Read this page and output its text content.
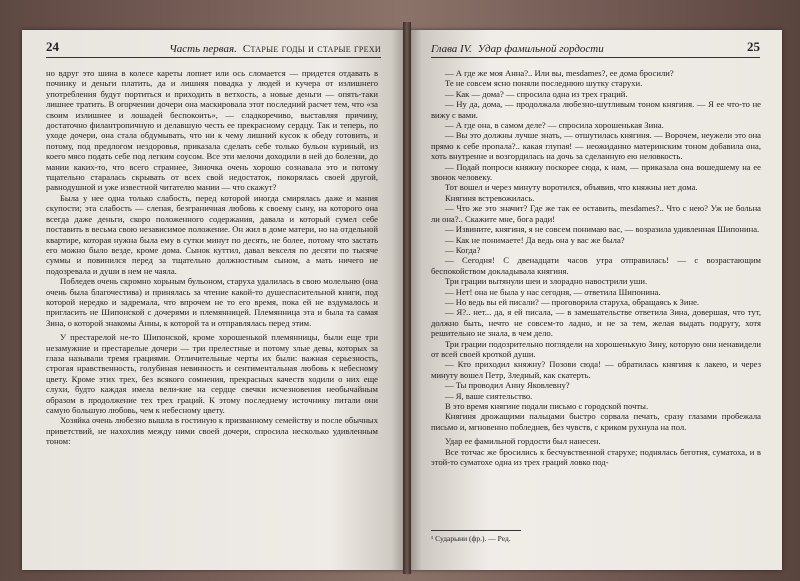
24	Часть первая. Старые годы и старые грехи

но вдруг это шина в колесе кареты лопнет или ось сломается — придется отдавать в починку и деньги платить, да и лишняя повадка у людей и кучера от излишнего употребления будут портиться и приходить в ветхость, а новые деньги — опять-таки лишнее тратить. В огорчении дочери она маскировала этот последний расчет тем, что «за своим излишнее и лошадей беспокоить», — сладкоречиво, выставляя причину, достаточно филантропичную и делавшую честь ее прекрасному сердцу. Так и теперь, по уходе дочери, она стала обдумывать, что ни к чему лишний кусок к обеду готовить, и потому, под предлогом нездоровья, приказала сделать себе только бульон куриный, из коего мясо подать себе под легким соусом. Все эти мелочи доходили в ней до болезни, до мании каких-то, что всего страннее, Зиночка очень хорошо сознавала это и потому тщательно старалась скрывать от всех свой недостаток, покорялась своей другой, равнодушной и уже известной читателю мании — что скажут?

Была у нее одна только слабость, перед которой иногда смирялась даже и мания скупости; эта слабость — слепая, безграничная любовь к своему сыну, на которого она всегда даже деньги, скоро положенного содержания, давала и который сумел себе поставить в весьма свою независимое положение. Он жил в доме матери, но на отдельной квартире, которая нужна была ему в сутки минут по десять, не более, потому что застать его можно было везде, кроме дома. Сынок куттил, давал векселя по десяти по тысяче суммы и повинился перед за тщательно должностным сыном, а мать ничего не подозревала и души в нем не чаяла.

Побледев очень скромно хорьным бульоном, старуха удалилась в свою молельню (она очень была благочестива) и принялась за чтение какой-то душеспасительной книги, под которой нередко и задремала, что впрочем не то его время, пока ей не вздумалось и пригласить не Шипонской с дочерями и племянницей. Племянница эта и была та самая Зина, о которой знакомы Анны, к которой та и отправлялась перед этим.

У престарелой не-то Шипонской, кроме хорошенькой племянницы, были еще три незамужние и престарелые дочери — три прелестные и потому злые девы, которых за глаза называли тремя грациями. Отличительные черты их были: важная серьезность, строгая нравственность, голубиная невинность и сентиментальная любовь к небесному цвету. Кроме этих трех, без всякого сомнения, прекрасных качеств ходили о них еще слухи, будто каждая имела вели-кие на сердце свечки исчезновения необычайным образом в продолжение тех трех граций. К этому последнему источнику питали они самую большую любовь, чем к небесному цвету.

Хозяйка очень любезно вышла в гостиную к призванному семейству и после обычных приветствий, не нахохлив между ними своей дочери, спросила несколько удивленным тоном:

Глава IV. Удар фамильной гордости	25

— А где же моя Анна?.. Или вы, mesdames?, ее дома бросили?

Те не совсем ясно поняли последнюю шутку старухи.

— Как — дома? — спросила одна из трех граций.

— Ну да, дома, — продолжала любезно-шутливым тоном княгиня. — Я ее что-то не вижу с вами.

— А где она, в самом деле? — спросила хорошенькая Зина.

— Вы это должны лучше знать, — отшутилась княгиня. — Ворочем, неужели это она прямо к себе пропала?.. какая глупая! — неожиданно материнским тоном добавила она, хоть внутренне и возгордилась на дочь за сделанную ею неловкость.

— Подай попроси княжну поскорее сюда, к нам, — приказала она вошедшему на ее звонок человеку.

Тот вошел и через минуту воротился, объявив, что княжны нет дома.

Княгиня встревожилась.

— Что же это значит? Где же так ее оставить, mesdames?.. Что с нею? Уж не больна ли она?.. Скажите мне, бога ради!

— Извините, княгиня, я не совсем понимаю вас, — возразила удивленная Шипонина.

— Как не понимаете! Да ведь она у вас же была?

— Когда?

— Сегодня! С двенадцати часов утра отправилась! — с возрастающим беспокойством докладывала княгиня.

Три грации вытянули шеи и злорадно навострили уши.

— Нет! она не была у нас сегодня, — ответила Шипонина.

— Но ведь вы ей писали? — проговорила старуха, обращаясь к Зине.

— Я?.. нет... да, я ей писала, — в замешательстве ответила Зина, довершая, что тут, должно быть, нечто не совсем-то ладно, и не за тем, желая выдать подругу, хотя решительно не знала, в чем дело.

Три грации подозрительно поглядели на хорошенькую Зину, которую они ненавидели от всей своей кроткой души.

— Кто приходил княжну? Позови сюда! — обратилась княгиня к лакею, и через минуту вошел Петр, Зледный, как скатерть.

— Ты проводил Анну Яковлевну?

— Я, ваше сиятельство.

В это время княгине подали письмо с городской почты.

Княгиня дрожащими пальцами быстро сорвала печать, сразу глазами пробежала письмо и, мгновенно побледнев, без чувств, с криком рухнула на пол.

Удар ее фамильной гордости был нанесен.

Все тотчас же бросились к бесчувственной старухе; поднялась беготня, суматоха, и в этой-то суматохе одна из трех граций ловко под-

¹ Сударыни (фр.). — Ред.
